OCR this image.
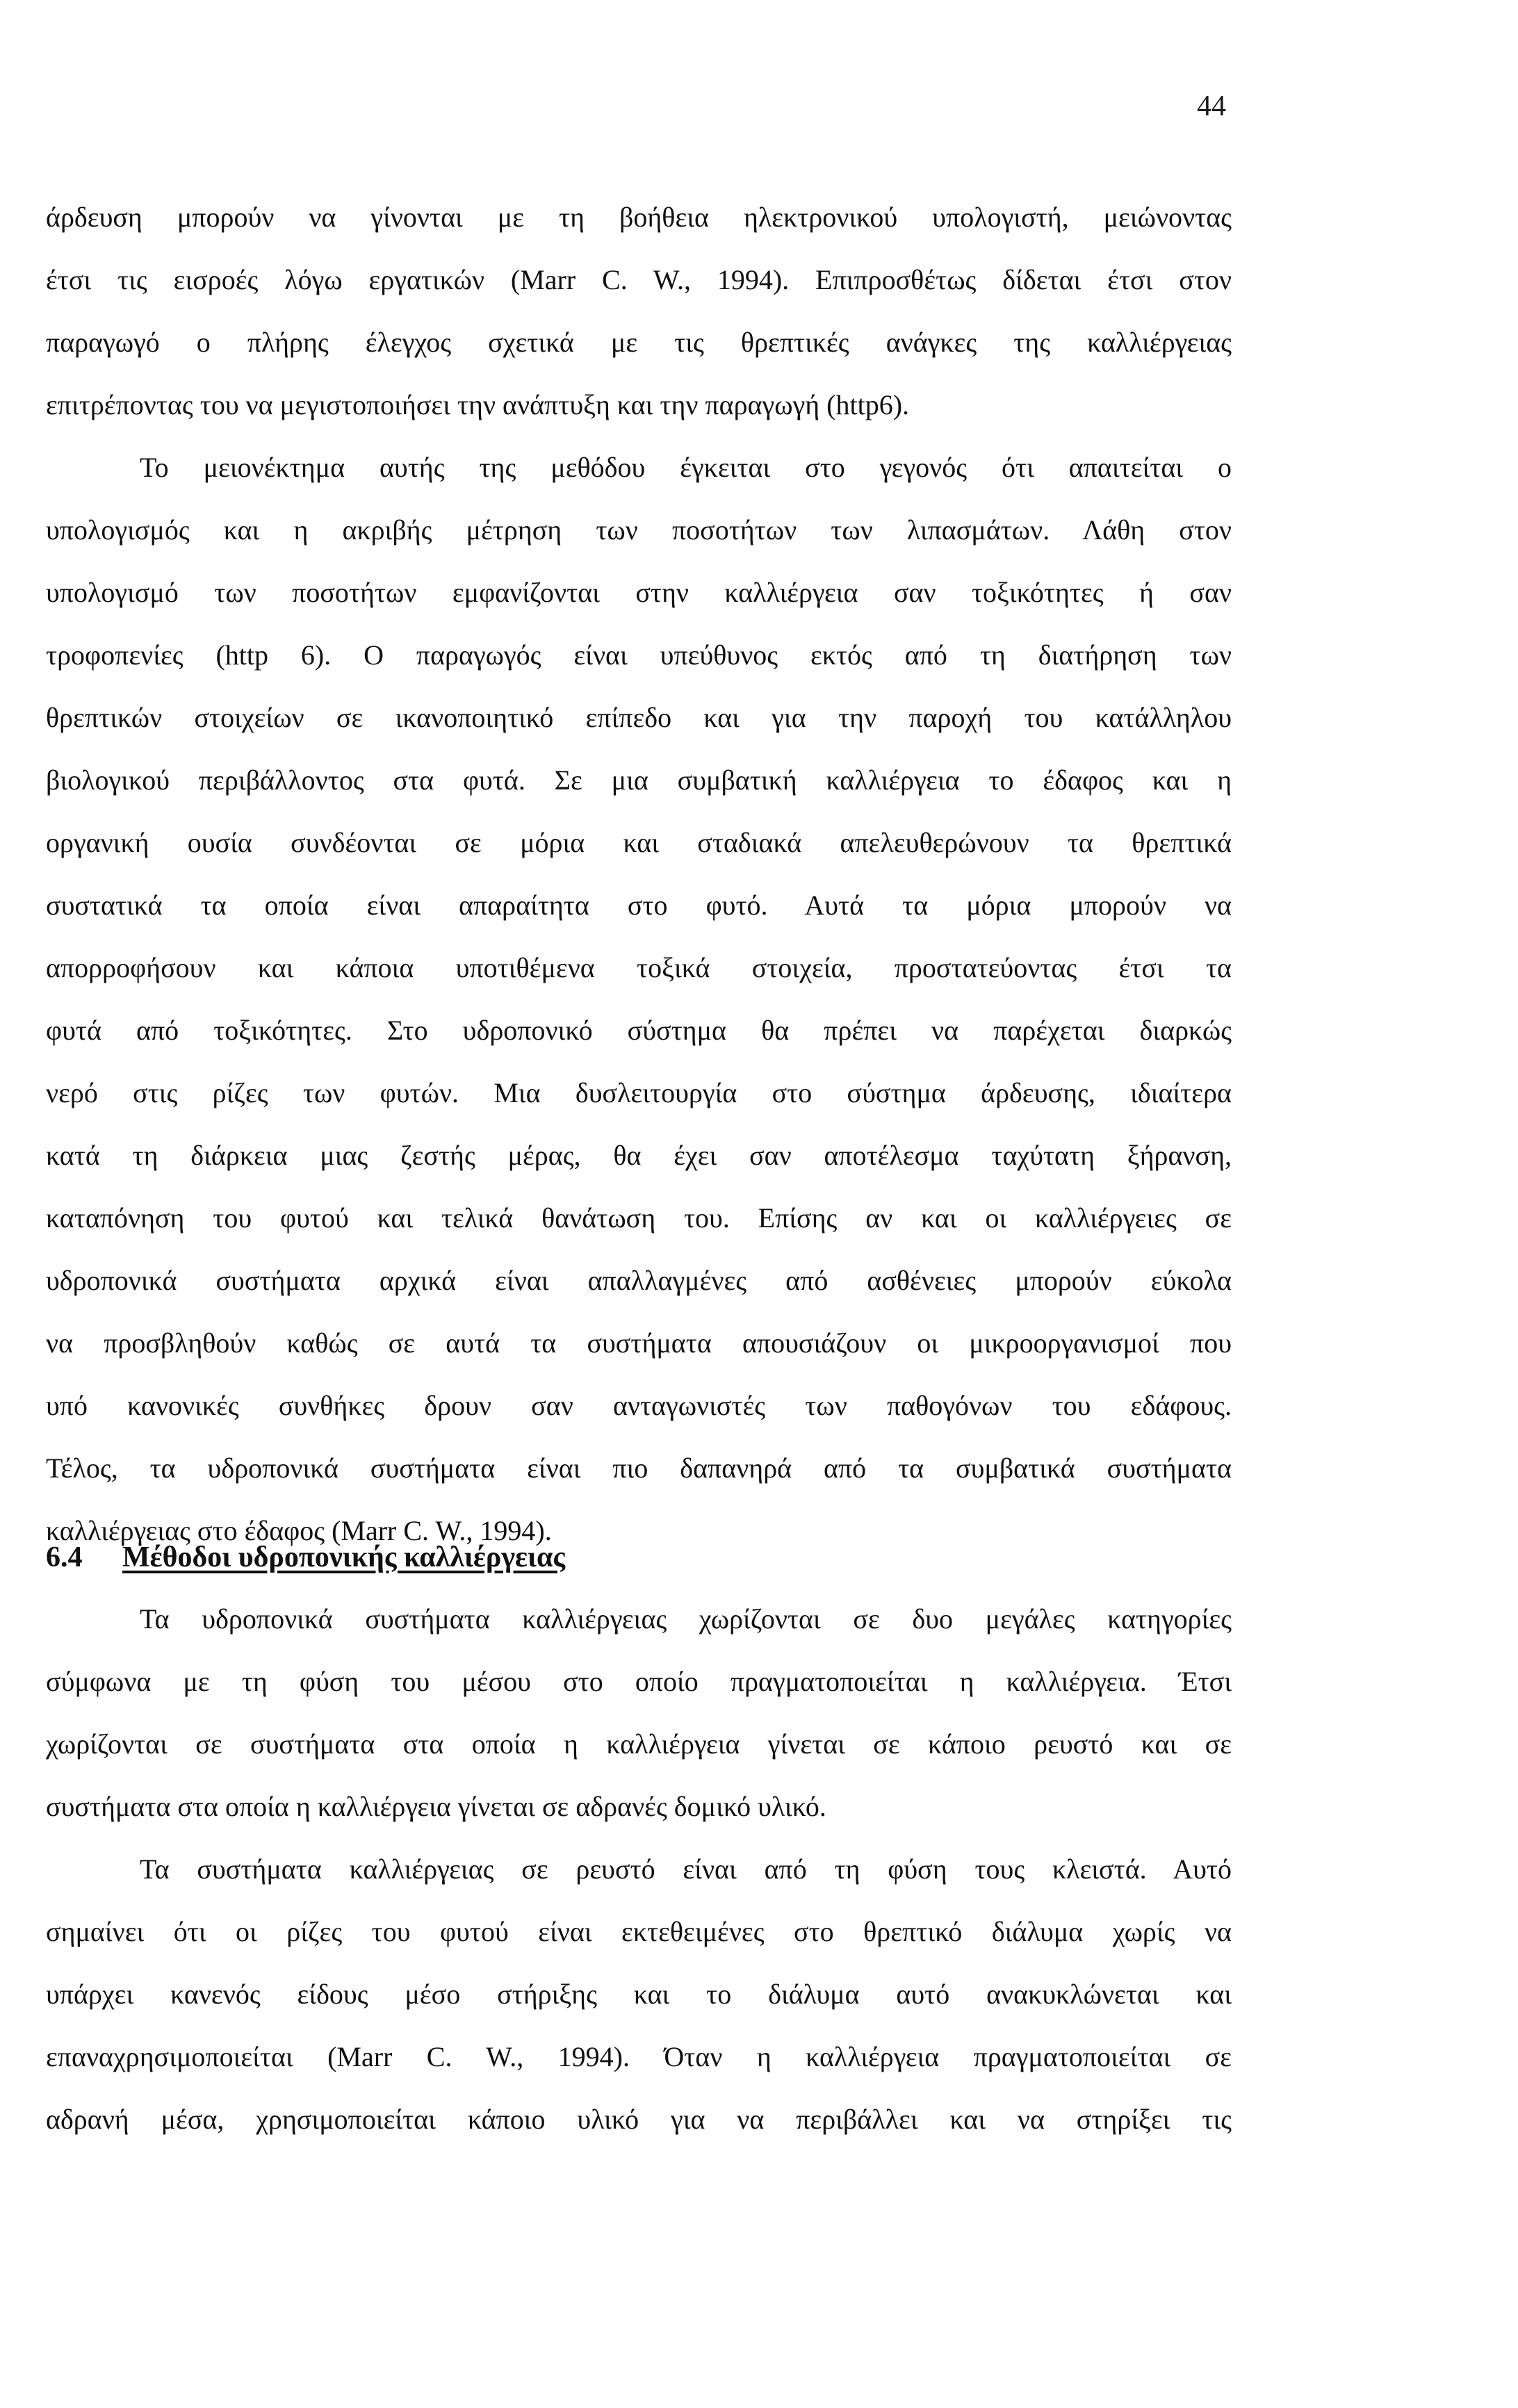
44
άρδευση μπορούν να γίνονται με τη βοήθεια ηλεκτρονικού υπολογιστή, μειώνοντας
έτσι τις εισροές λόγω εργατικών (Marr C. W., 1994). Επιπροσθέτως δίδεται έτσι στον
παραγωγό ο πλήρης έλεγχος σχετικά με τις θρεπτικές ανάγκες της καλλιέργειας
επιτρέποντας του να μεγιστοποιήσει την ανάπτυξη και την παραγωγή (http6).
Το μειονέκτημα αυτής της μεθόδου έγκειται στο γεγονός ότι απαιτείται ο
υπολογισμός και η ακριβής μέτρηση των ποσοτήτων των λιπασμάτων. Λάθη στον
υπολογισμό των ποσοτήτων εμφανίζονται στην καλλιέργεια σαν τοξικότητες ή σαν
τροφοπενίες (http 6). Ο παραγωγός είναι υπεύθυνος εκτός από τη διατήρηση των
θρεπτικών στοιχείων σε ικανοποιητικό επίπεδο και για την παροχή του κατάλληλου
βιολογικού περιβάλλοντος στα φυτά. Σε μια συμβατική καλλιέργεια το έδαφος και η
οργανική ουσία συνδέονται σε μόρια και σταδιακά απελευθερώνουν τα θρεπτικά
συστατικά τα οποία είναι απαραίτητα στο φυτό. Αυτά τα μόρια μπορούν να
απορροφήσουν και κάποια υποτιθέμενα τοξικά στοιχεία, προστατεύοντας έτσι τα
φυτά από τοξικότητες. Στο υδροπονικό σύστημα θα πρέπει να παρέχεται διαρκώς
νερό στις ρίζες των φυτών. Μια δυσλειτουργία στο σύστημα άρδευσης, ιδιαίτερα
κατά τη διάρκεια μιας ζεστής μέρας, θα έχει σαν αποτέλεσμα ταχύτατη ξήρανση,
καταπόνηση του φυτού και τελικά θανάτωση του. Επίσης αν και οι καλλιέργειες σε
υδροπονικά συστήματα αρχικά είναι απαλλαγμένες από ασθένειες μπορούν εύκολα
να προσβληθούν καθώς σε αυτά τα συστήματα απουσιάζουν οι μικροοργανισμοί που
υπό κανονικές συνθήκες δρουν σαν ανταγωνιστές των παθογόνων του εδάφους.
Τέλος, τα υδροπονικά συστήματα είναι πιο δαπανηρά από τα συμβατικά συστήματα
καλλιέργειας στο έδαφος (Marr C. W., 1994).
6.4 Μέθοδοι υδροπονικής καλλιέργειας
Τα υδροπονικά συστήματα καλλιέργειας χωρίζονται σε δυο μεγάλες κατηγορίες
σύμφωνα με τη φύση του μέσου στο οποίο πραγματοποιείται η καλλιέργεια. Έτσι
χωρίζονται σε συστήματα στα οποία η καλλιέργεια γίνεται σε κάποιο ρευστό και σε
συστήματα στα οποία η καλλιέργεια γίνεται σε αδρανές δομικό υλικό.
Τα συστήματα καλλιέργειας σε ρευστό είναι από τη φύση τους κλειστά. Αυτό
σημαίνει ότι οι ρίζες του φυτού είναι εκτεθειμένες στο θρεπτικό διάλυμα χωρίς να
υπάρχει κανενός είδους μέσο στήριξης και το διάλυμα αυτό ανακυκλώνεται και
επαναχρησιμοποιείται (Marr C. W., 1994). Όταν η καλλιέργεια πραγματοποιείται σε
αδρανή μέσα, χρησιμοποιείται κάποιο υλικό για να περιβάλλει και να στηρίξει τις
